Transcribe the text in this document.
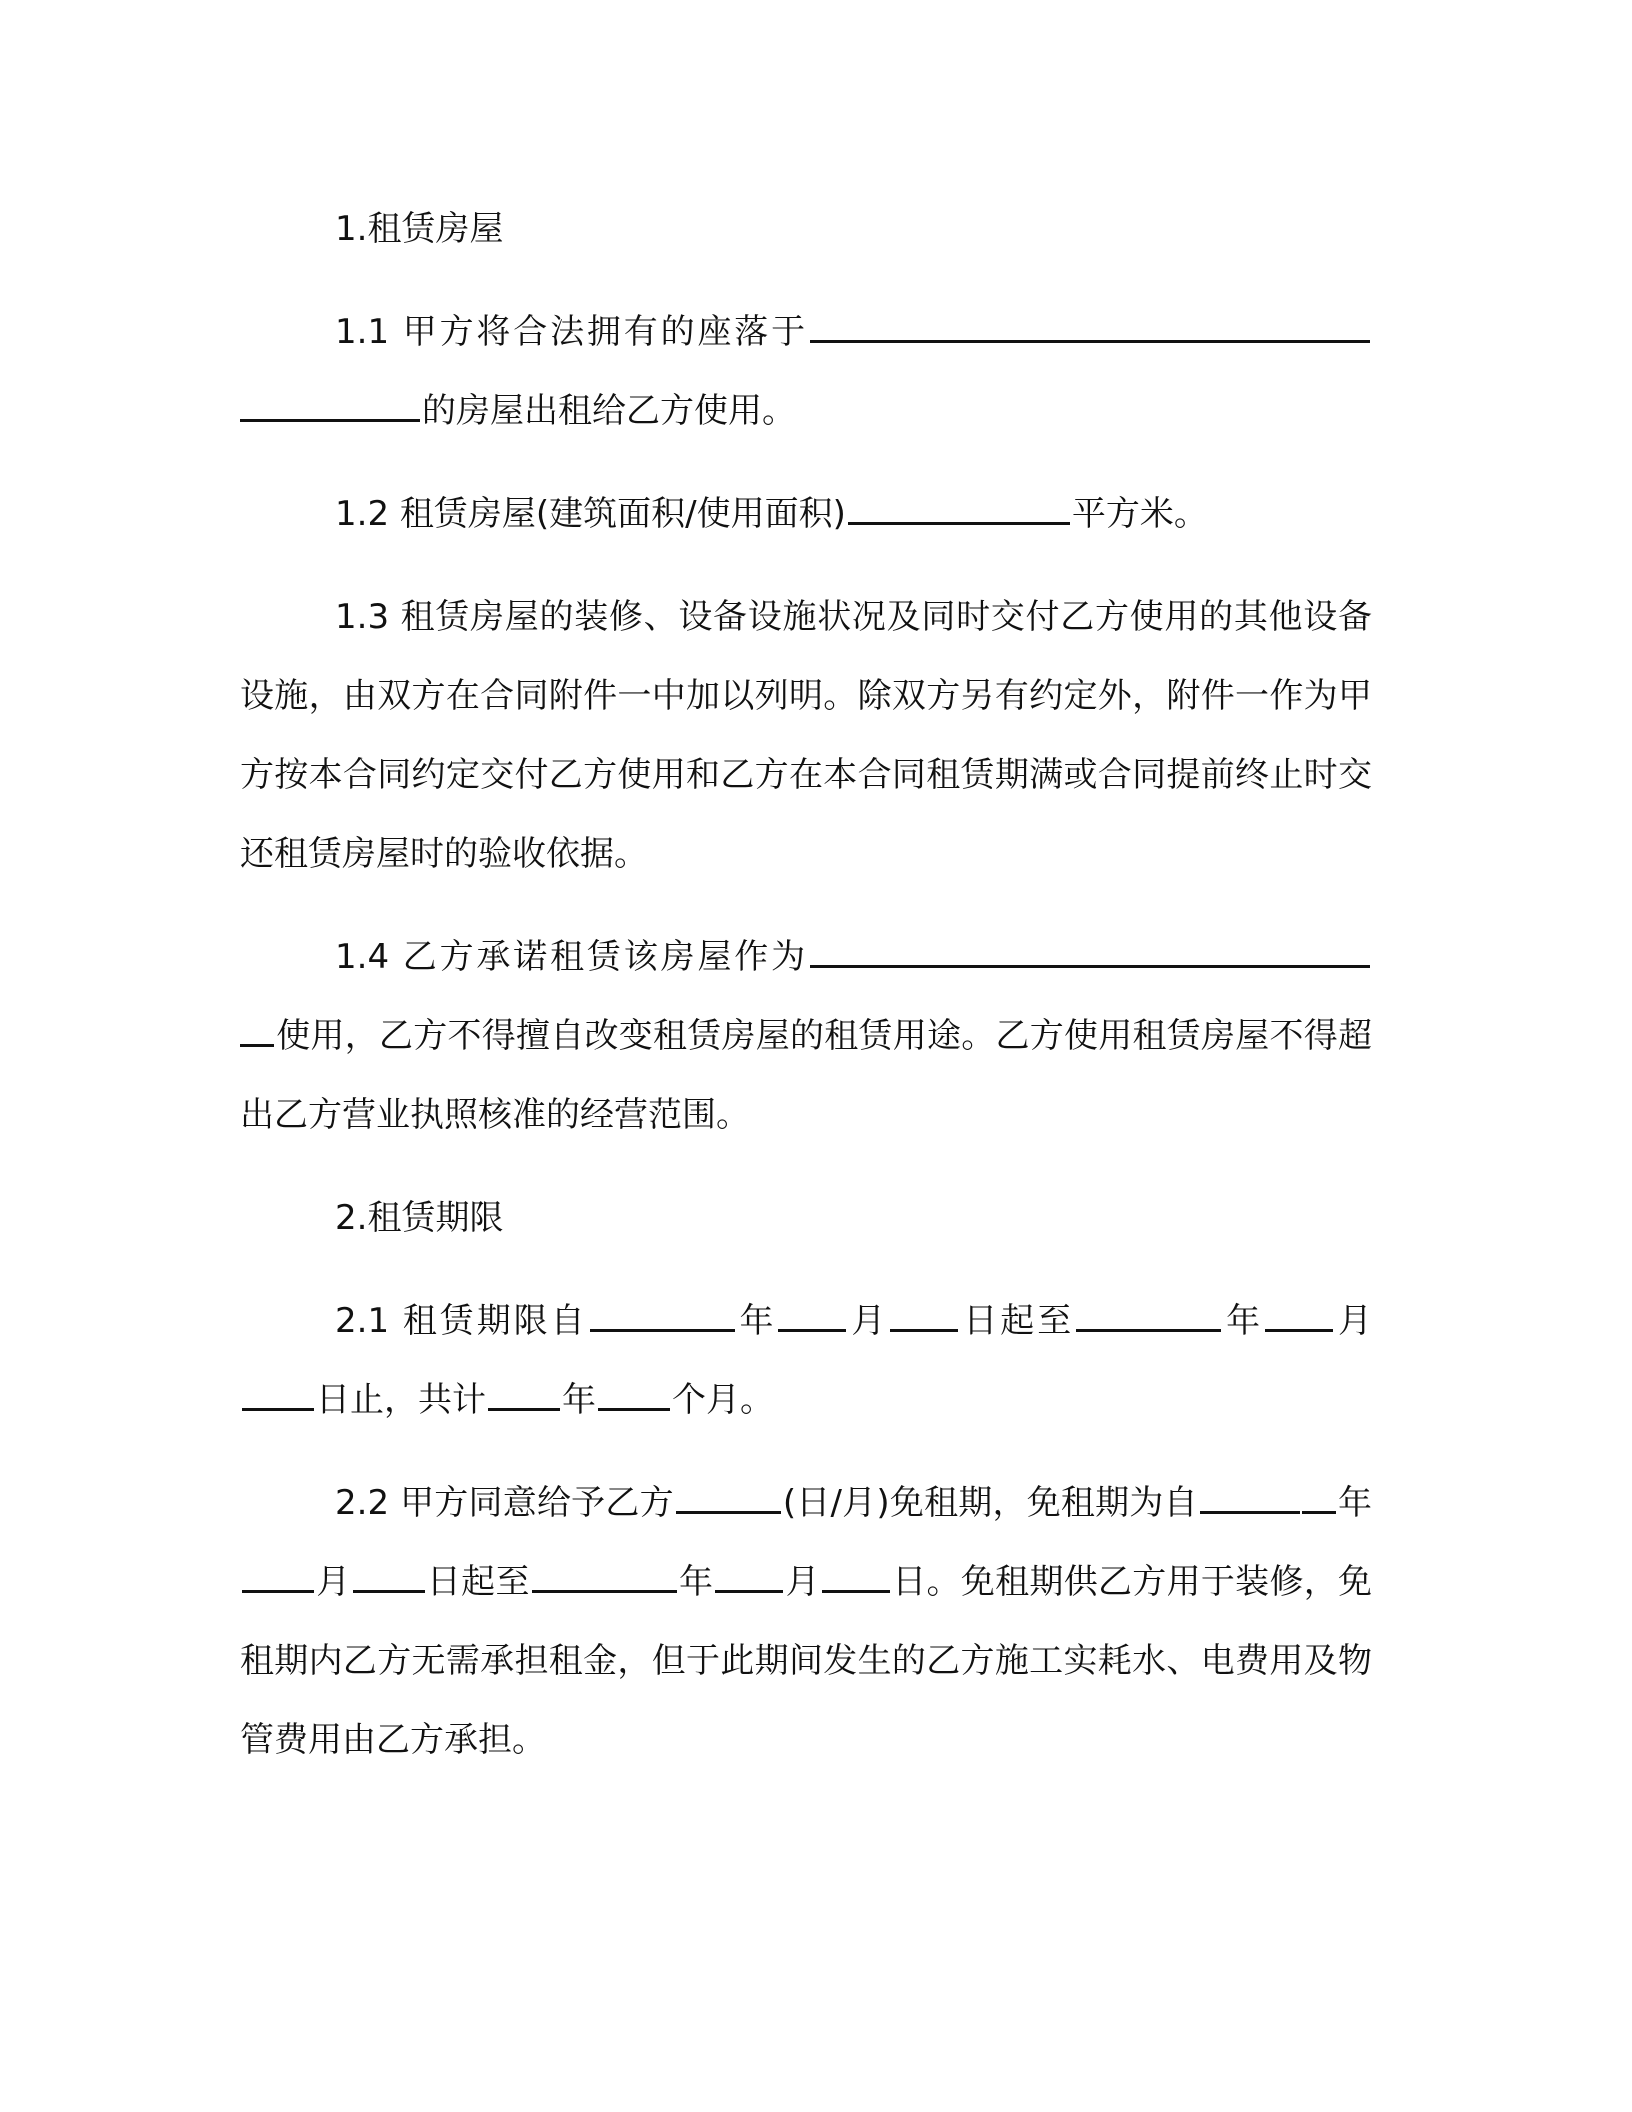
1.租赁房屋
1.1 甲方将合法拥有的座落于的房屋出租给乙方使用。
1.2 租赁房屋(建筑面积/使用面积)	平方米。
1.3 租赁房屋的装修、设备设施状况及同时交付乙方使用的其他设备设施，由双方在合同附件一中加以列明。除双方另有约定外，附件一作为甲方按本合同约定交付乙方使用和乙方在本合同租赁期满或合同提前终止时交还租赁房屋时的验收依据。
1.4 乙方承诺租赁该房屋作为使用，乙方不得擅自改变租赁房屋的租赁用途。乙方使用租赁房屋不得超出乙方营业执照核准的经营范围。
2.租赁期限
2.1 租赁期限自	年 月 日起至	年 月日止，共计 年 个月。
2.2 甲方同意给予乙方	(日/月)免租期，免租期为自	年月 日起至	年 月 日。免租期供乙方用于装修，免租期内乙方无需承担租金，但于此期间发生的乙方施工实耗水、电费用及物管费用由乙方承担。
